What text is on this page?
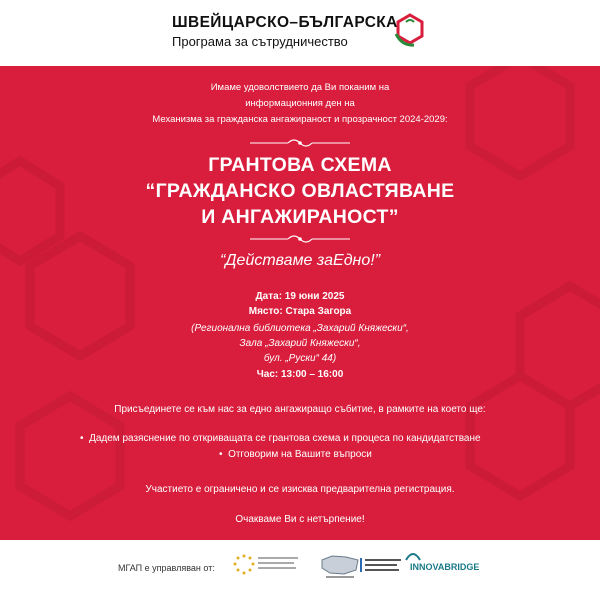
ШВЕЙЦАРСКО–БЪЛГАРСКА
Програма за сътрудничество
Имаме удоволствието да Ви поканим на
информационния ден на
Механизма за гражданска ангажираност и прозрачност 2024-2029:
ГРАНТОВА СХЕМА
“ГРАЖДАНСКО ОВЛАСТЯВАНЕ
И АНГАЖИРАНОСТ”
“Действаме заЕдно!”
Дата: 19 юни 2025
Място: Стара Загора
(Регионална библиотека „Захарий Княжески“,
Зала „Захарий Княжески“,
бул. „Руски“ 44)
Час: 13:00 – 16:00
Присъединете се към нас за едно ангажиращо събитие, в рамките на което ще:
•  Дадем разяснение по откриващата се грантова схема и процеса по кандидатстване
•  Отговорим на Вашите въпроси
Участието е ограничено и се изисква предварителна регистрация.
Очакваме Ви с нетърпение!
МГАП е управляван от:	INNOVABRIDGE
